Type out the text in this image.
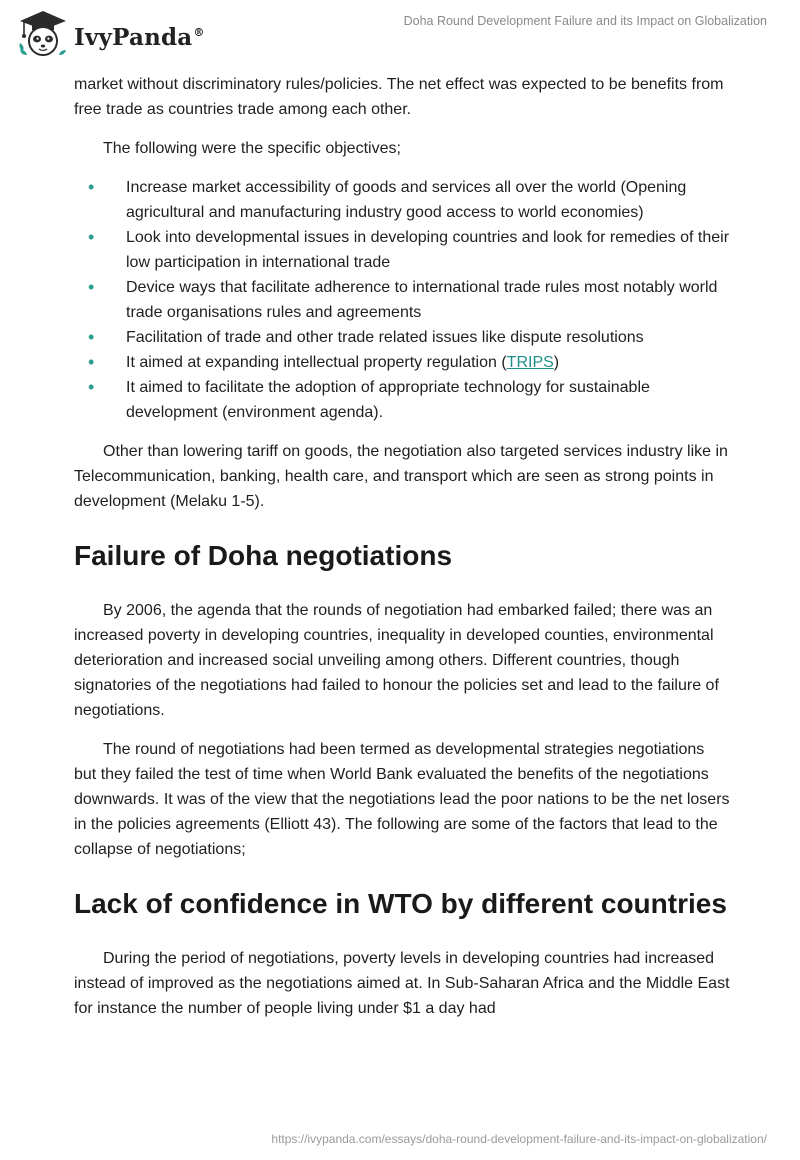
IvyPanda®
Doha Round Development Failure and its Impact on Globalization

market without discriminatory rules/policies. The net effect was expected to be benefits from free trade as countries trade among each other.

The following were the specific objectives;

• Increase market accessibility of goods and services all over the world (Opening agricultural and manufacturing industry good access to world economies)
• Look into developmental issues in developing countries and look for remedies of their low participation in international trade
• Device ways that facilitate adherence to international trade rules most notably world trade organisations rules and agreements
• Facilitation of trade and other trade related issues like dispute resolutions
• It aimed at expanding intellectual property regulation (TRIPS)
• It aimed to facilitate the adoption of appropriate technology for sustainable development (environment agenda).

Other than lowering tariff on goods, the negotiation also targeted services industry like in Telecommunication, banking, health care, and transport which are seen as strong points in development (Melaku 1-5).

Failure of Doha negotiations

By 2006, the agenda that the rounds of negotiation had embarked failed; there was an increased poverty in developing countries, inequality in developed counties, environmental deterioration and increased social unveiling among others. Different countries, though signatories of the negotiations had failed to honour the policies set and lead to the failure of negotiations.

The round of negotiations had been termed as developmental strategies negotiations but they failed the test of time when World Bank evaluated the benefits of the negotiations downwards. It was of the view that the negotiations lead the poor nations to be the net losers in the policies agreements (Elliott 43). The following are some of the factors that lead to the collapse of negotiations;

Lack of confidence in WTO by different countries

During the period of negotiations, poverty levels in developing countries had increased instead of improved as the negotiations aimed at. In Sub-Saharan Africa and the Middle East for instance the number of people living under $1 a day had

https://ivypanda.com/essays/doha-round-development-failure-and-its-impact-on-globalization/
